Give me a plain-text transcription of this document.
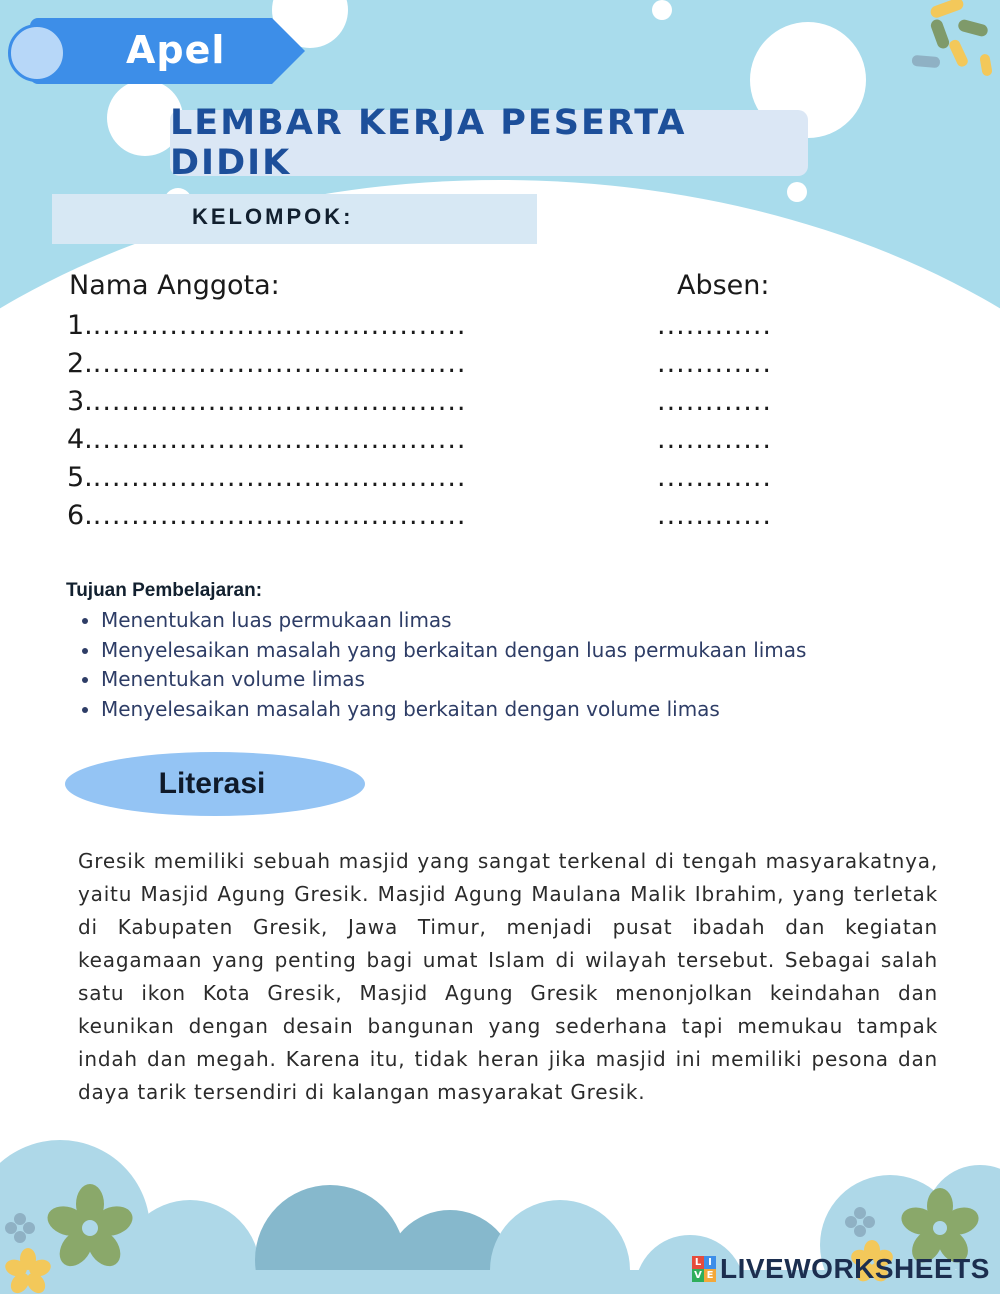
Apel
LEMBAR KERJA PESERTA DIDIK
KELOMPOK:
Nama Anggota:	Absen:
1........................................	............
2........................................	............
3........................................	............
4........................................	............
5........................................	............
6........................................	............
Tujuan Pembelajaran:
• Menentukan luas permukaan limas
• Menyelesaikan masalah yang berkaitan dengan luas permukaan limas
• Menentukan volume limas
• Menyelesaikan masalah yang berkaitan dengan volume limas
Literasi
Gresik memiliki sebuah masjid yang sangat terkenal di tengah masyarakatnya, yaitu Masjid Agung Gresik. Masjid Agung Maulana Malik Ibrahim, yang terletak di Kabupaten Gresik, Jawa Timur, menjadi pusat ibadah dan kegiatan keagamaan yang penting bagi umat Islam di wilayah tersebut. Sebagai salah satu ikon Kota Gresik, Masjid Agung Gresik menonjolkan keindahan dan keunikan dengan desain bangunan yang sederhana tapi memukau tampak indah dan megah. Karena itu, tidak heran jika masjid ini memiliki pesona dan daya tarik tersendiri di kalangan masyarakat Gresik.
L I
V E LIVEWORKSHEETS
